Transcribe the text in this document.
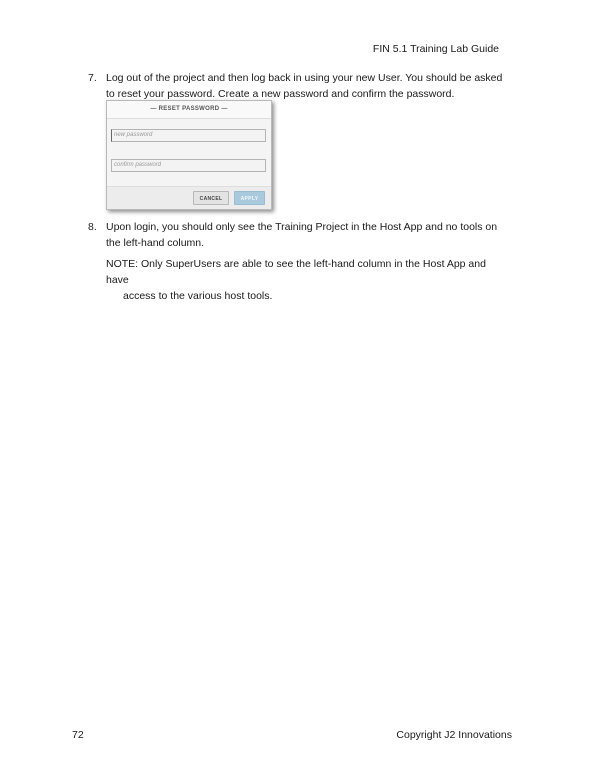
FIN 5.1 Training Lab Guide
7. Log out of the project and then log back in using your new User. You should be asked to reset your password. Create a new password and confirm the password.
— RESET PASSWORD —
new password
confirm password
CANCEL	APPLY
8. Upon login, you should only see the Training Project in the Host App and no tools on the left-hand column.
NOTE: Only SuperUsers are able to see the left-hand column in the Host App and have
access to the various host tools.
72	Copyright J2 Innovations
